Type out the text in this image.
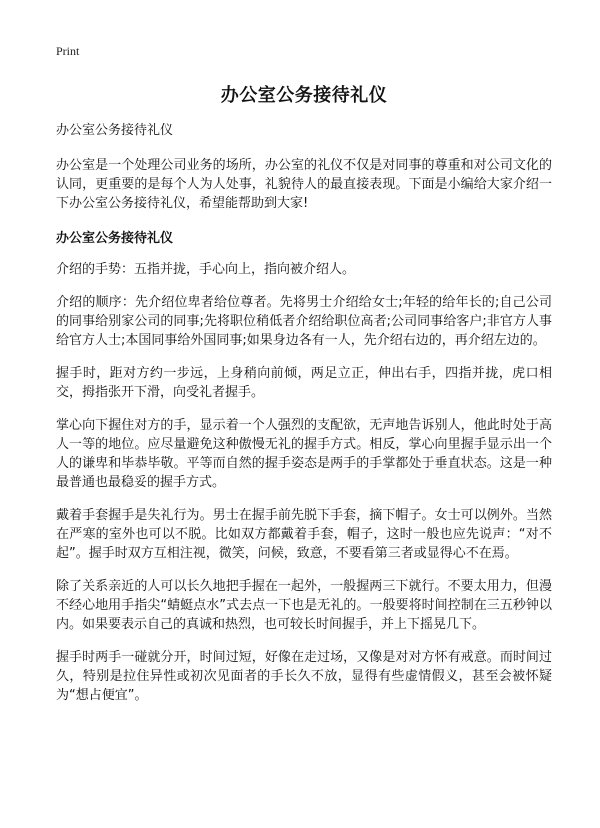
Print
办公室公务接待礼仪

办公室公务接待礼仪

办公室是一个处理公司业务的场所，办公室的礼仪不仅是对同事的尊重和对公司文化的认同，更重要的是每个人为人处事，礼貌待人的最直接表现。下面是小编给大家介绍一下办公室公务接待礼仪，希望能帮助到大家!

办公室公务接待礼仪

介绍的手势：五指并拢，手心向上，指向被介绍人。

介绍的顺序：先介绍位卑者给位尊者。先将男士介绍给女士;年轻的给年长的;自己公司的同事给别家公司的同事;先将职位稍低者介绍给职位高者;公司同事给客户;非官方人事给官方人士;本国同事给外国同事;如果身边各有一人，先介绍右边的，再介绍左边的。

握手时，距对方约一步远，上身稍向前倾，两足立正，伸出右手，四指并拢，虎口相交，拇指张开下滑，向受礼者握手。

掌心向下握住对方的手，显示着一个人强烈的支配欲，无声地告诉别人，他此时处于高人一等的地位。应尽量避免这种傲慢无礼的握手方式。相反，掌心向里握手显示出一个人的谦卑和毕恭毕敬。平等而自然的握手姿态是两手的手掌都处于垂直状态。这是一种最普通也最稳妥的握手方式。

戴着手套握手是失礼行为。男士在握手前先脱下手套，摘下帽子。女士可以例外。当然在严寒的室外也可以不脱。比如双方都戴着手套，帽子，这时一般也应先说声：“对不起”。握手时双方互相注视，微笑，问候，致意，不要看第三者或显得心不在焉。

除了关系亲近的人可以长久地把手握在一起外，一般握两三下就行。不要太用力，但漫不经心地用手指尖“蜻蜓点水”式去点一下也是无礼的。一般要将时间控制在三五秒钟以内。如果要表示自己的真诚和热烈，也可较长时间握手，并上下摇晃几下。

握手时两手一碰就分开，时间过短，好像在走过场，又像是对对方怀有戒意。而时间过久，特别是拉住异性或初次见面者的手长久不放，显得有些虚情假义，甚至会被怀疑为“想占便宜”。
